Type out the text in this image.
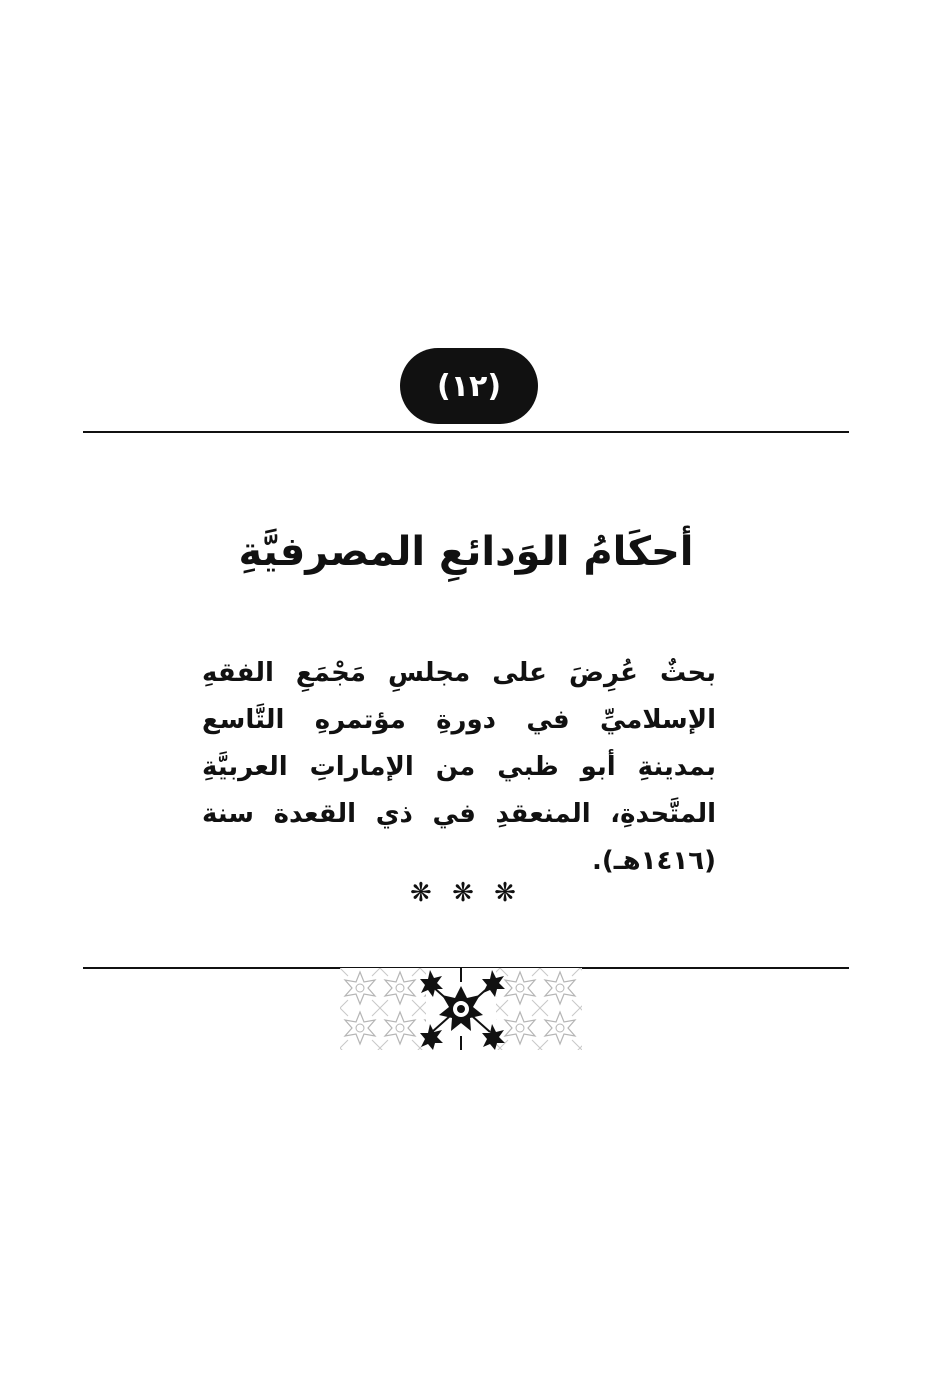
(١٢)
أحكَامُ الوَدائعِ المصرفيَّةِ

بحثٌ عُرِضَ على مجلسِ مَجْمَعِ الفقهِ الإسلاميِّ في دورةِ مؤتمرهِ التَّاسع بمدينةِ أبو ظبي من الإماراتِ العربيَّةِ المتَّحدةِ، المنعقدِ في ذي القعدة سنة (١٤١٦هـ).

❋ ❋ ❋
